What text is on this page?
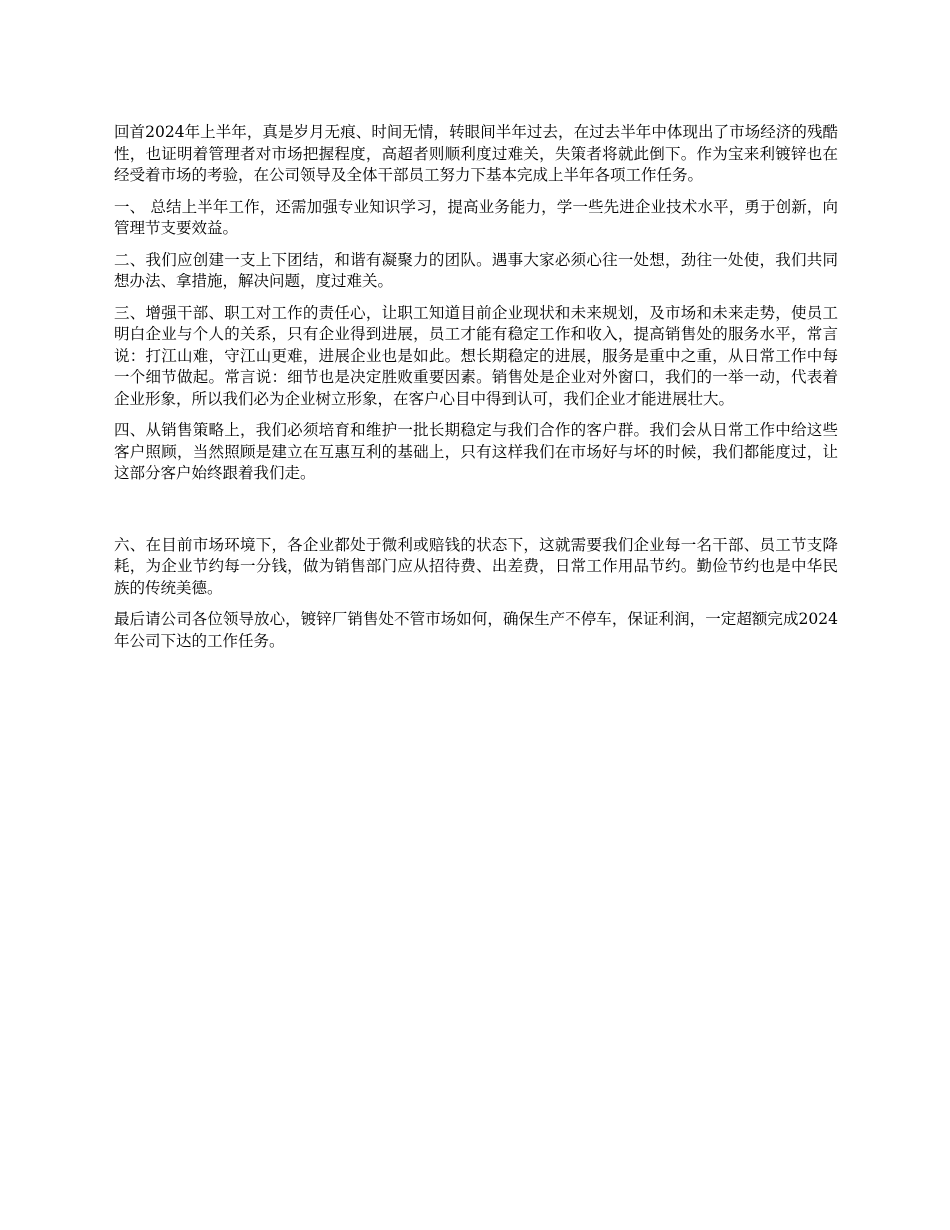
回首2024年上半年，真是岁月无痕、时间无情，转眼间半年过去，在过去半年中体现出了市场经济的残酷性，也证明着管理者对市场把握程度，高超者则顺利度过难关，失策者将就此倒下。作为宝来利镀锌也在经受着市场的考验，在公司领导及全体干部员工努力下基本完成上半年各项工作任务。

一、 总结上半年工作，还需加强专业知识学习，提高业务能力，学一些先进企业技术水平，勇于创新，向管理节支要效益。

二、我们应创建一支上下团结，和谐有凝聚力的团队。遇事大家必须心往一处想，劲往一处使，我们共同想办法、拿措施，解决问题，度过难关。

三、增强干部、职工对工作的责任心，让职工知道目前企业现状和未来规划，及市场和未来走势，使员工明白企业与个人的关系，只有企业得到进展，员工才能有稳定工作和收入，提高销售处的服务水平，常言说：打江山难，守江山更难，进展企业也是如此。想长期稳定的进展，服务是重中之重，从日常工作中每一个细节做起。常言说：细节也是决定胜败重要因素。销售处是企业对外窗口，我们的一举一动，代表着企业形象，所以我们必为企业树立形象，在客户心目中得到认可，我们企业才能进展壮大。

四、从销售策略上，我们必须培育和维护一批长期稳定与我们合作的客户群。我们会从日常工作中给这些客户照顾，当然照顾是建立在互惠互利的基础上，只有这样我们在市场好与坏的时候，我们都能度过，让这部分客户始终跟着我们走。

六、在目前市场环境下，各企业都处于微利或赔钱的状态下，这就需要我们企业每一名干部、员工节支降耗，为企业节约每一分钱，做为销售部门应从招待费、出差费，日常工作用品节约。勤俭节约也是中华民族的传统美德。

最后请公司各位领导放心，镀锌厂销售处不管市场如何，确保生产不停车，保证利润，一定超额完成2024年公司下达的工作任务。
